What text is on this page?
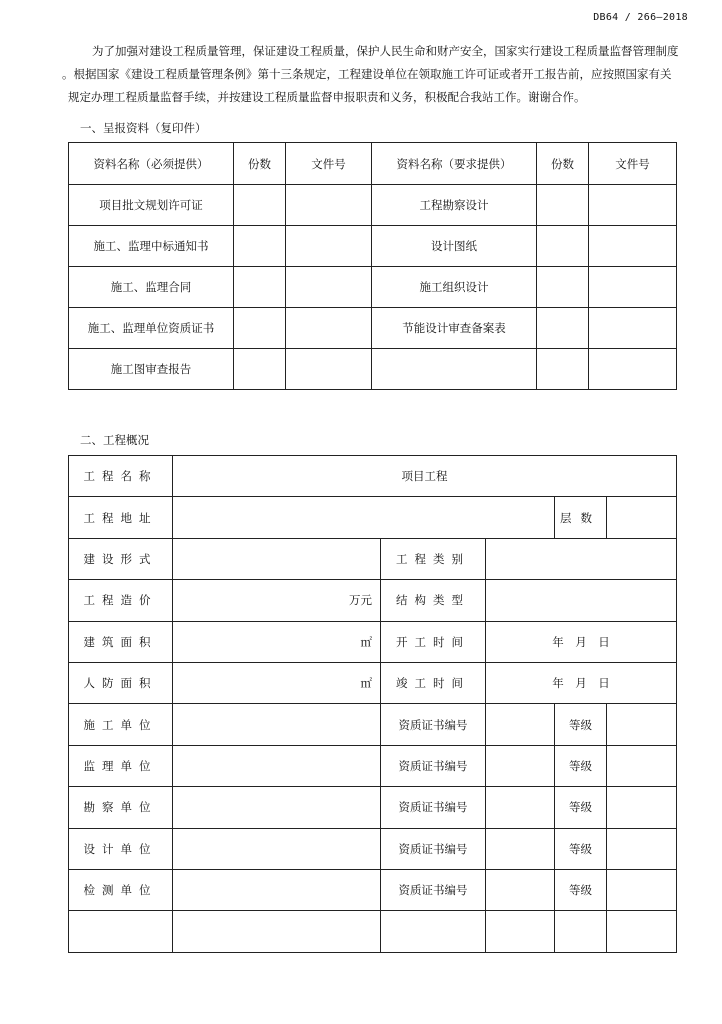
DB64 / 266—2018

为了加强对建设工程质量管理，保证建设工程质量，保护人民生命和财产安全，国家实行建设工程质量监督管理制度

。根据国家《建设工程质量管理条例》第十三条规定，工程建设单位在领取施工许可证或者开工报告前，应按照国家有关

规定办理工程质量监督手续，并按建设工程质量监督申报职责和义务，积极配合我站工作。谢谢合作。

一、呈报资料（复印件）
资料名称（必须提供）	份数	文件号	资料名称（要求提供）	份数	文件号
项目批文规划许可证			工程勘察设计		
施工、监理中标通知书			设计图纸		
施工、监理合同			施工组织设计		
施工、监理单位资质证书			节能设计审查备案表		
施工图审查报告					
二、工程概况
工程名称	项目工程				
工程地址				层数	
建设形式		工程类别			
工程造价	万元	结构类型			
建筑面积	㎡	开工时间	年　月　日		
人防面积	㎡	竣工时间	年　月　日		
施工单位		资质证书编号		等级	
监理单位		资质证书编号		等级	
勘察单位		资质证书编号		等级	
设计单位		资质证书编号		等级	
检测单位		资质证书编号		等级	
